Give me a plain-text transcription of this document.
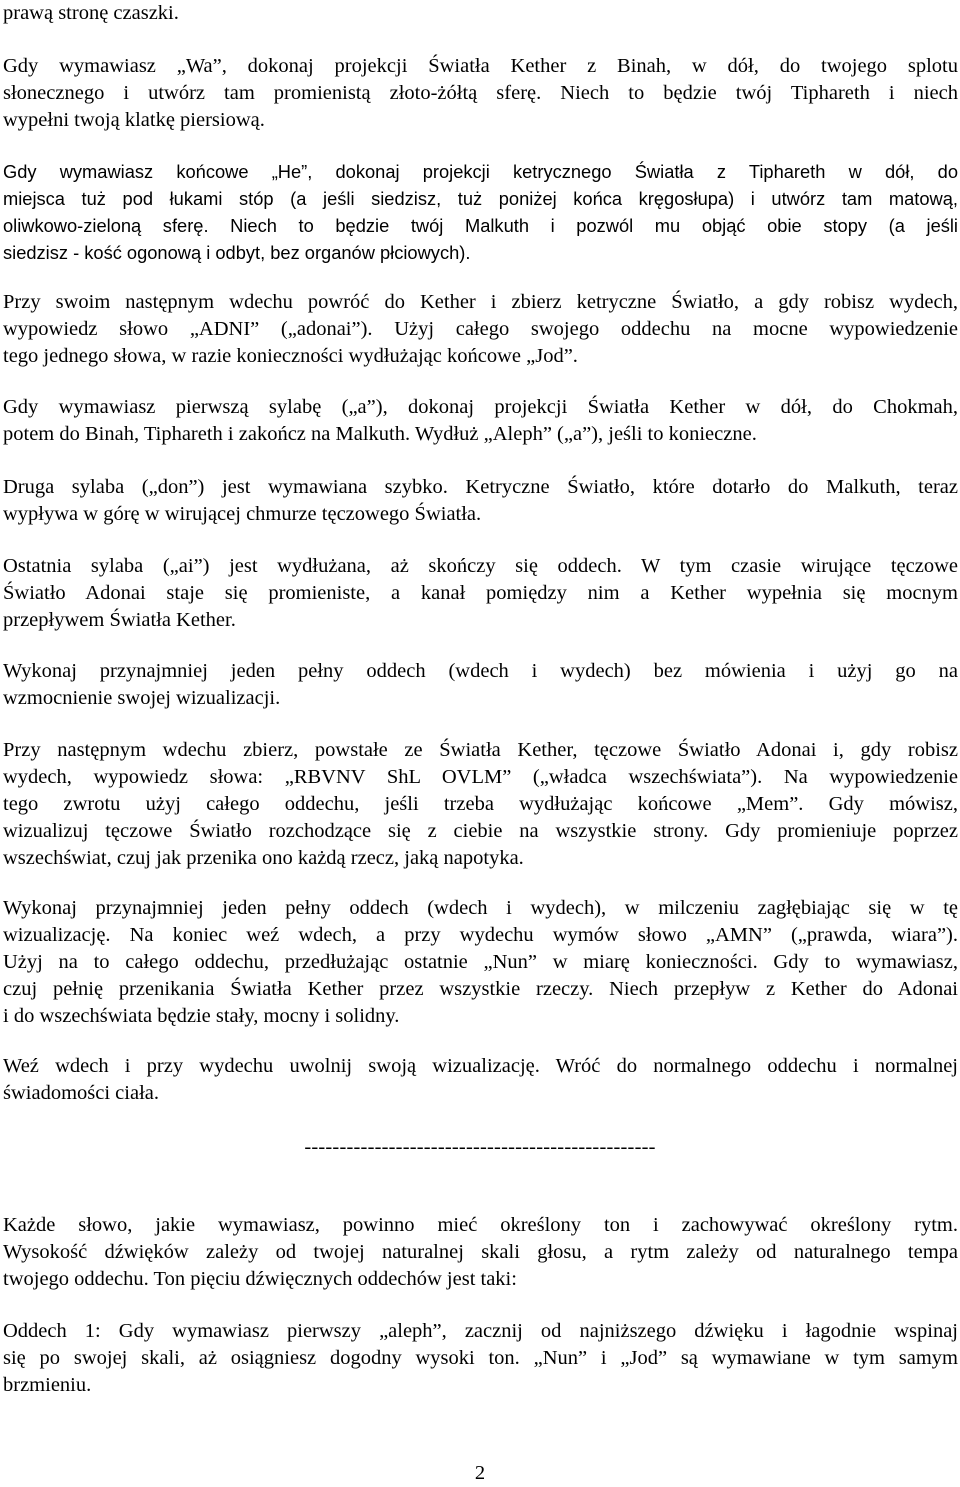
prawą stronę czaszki.
Gdy wymawiasz „Wa”, dokonaj projekcji Światła Kether z Binah, w dół, do twojego splotu
słonecznego i utwórz tam promienistą złoto-żółtą sferę. Niech to będzie twój Tiphareth i niech
wypełni twoją klatkę piersiową.
Gdy wymawiasz końcowe „He”, dokonaj projekcji ketrycznego Światła z Tiphareth w dół, do
miejsca tuż pod łukami stóp (a jeśli siedzisz, tuż poniżej końca kręgosłupa) i utwórz tam matową,
oliwkowo-zieloną sferę. Niech to będzie twój Malkuth i pozwól mu objąć obie stopy (a jeśli
siedzisz - kość ogonową i odbyt, bez organów płciowych).
Przy swoim następnym wdechu powróć do Kether i zbierz ketryczne Światło, a gdy robisz wydech,
wypowiedz słowo „ADNI” („adonai”). Użyj całego swojego oddechu na mocne wypowiedzenie
tego jednego słowa, w razie konieczności wydłużając końcowe „Jod”.
Gdy wymawiasz pierwszą sylabę („a”), dokonaj projekcji Światła Kether w dół, do Chokmah,
potem do Binah, Tiphareth i zakończ na Malkuth. Wydłuż „Aleph” („a”), jeśli to konieczne.
Druga sylaba („don”) jest wymawiana szybko. Ketryczne Światło, które dotarło do Malkuth, teraz
wypływa w górę w wirującej chmurze tęczowego Światła.
Ostatnia sylaba („ai”) jest wydłużana, aż skończy się oddech. W tym czasie wirujące tęczowe
Światło Adonai staje się promieniste, a kanał pomiędzy nim a Kether wypełnia się mocnym
przepływem Światła Kether.
Wykonaj przynajmniej jeden pełny oddech (wdech i wydech) bez mówienia i użyj go na
wzmocnienie swojej wizualizacji.
Przy następnym wdechu zbierz, powstałe ze Światła Kether, tęczowe Światło Adonai i, gdy robisz
wydech, wypowiedz słowa: „RBVNV ShL OVLM” („władca wszechświata”). Na wypowiedzenie
tego zwrotu użyj całego oddechu, jeśli trzeba wydłużając końcowe „Mem”. Gdy mówisz,
wizualizuj tęczowe Światło rozchodzące się z ciebie na wszystkie strony. Gdy promieniuje poprzez
wszechświat, czuj jak przenika ono każdą rzecz, jaką napotyka.
Wykonaj przynajmniej jeden pełny oddech (wdech i wydech), w milczeniu zagłębiając się w tę
wizualizację. Na koniec weź wdech, a przy wydechu wymów słowo „AMN” („prawda, wiara”).
Użyj na to całego oddechu, przedłużając ostatnie „Nun” w miarę konieczności. Gdy to wymawiasz,
czuj pełnię przenikania Światła Kether przez wszystkie rzeczy. Niech przepływ z Kether do Adonai
i do wszechświata będzie stały, mocny i solidny.
Weź wdech i przy wydechu uwolnij swoją wizualizację. Wróć do normalnego oddechu i normalnej
świadomości ciała.
Każde słowo, jakie wymawiasz, powinno mieć określony ton i zachowywać określony rytm.
Wysokość dźwięków zależy od twojej naturalnej skali głosu, a rytm zależy od naturalnego tempa
twojego oddechu. Ton pięciu dźwięcznych oddechów jest taki:
Oddech 1: Gdy wymawiasz pierwszy „aleph”, zacznij od najniższego dźwięku i łagodnie wspinaj
się po swojej skali, aż osiągniesz dogodny wysoki ton. „Nun” i „Jod” są wymawiane w tym samym
brzmieniu.
--------------------------------------------------
2
